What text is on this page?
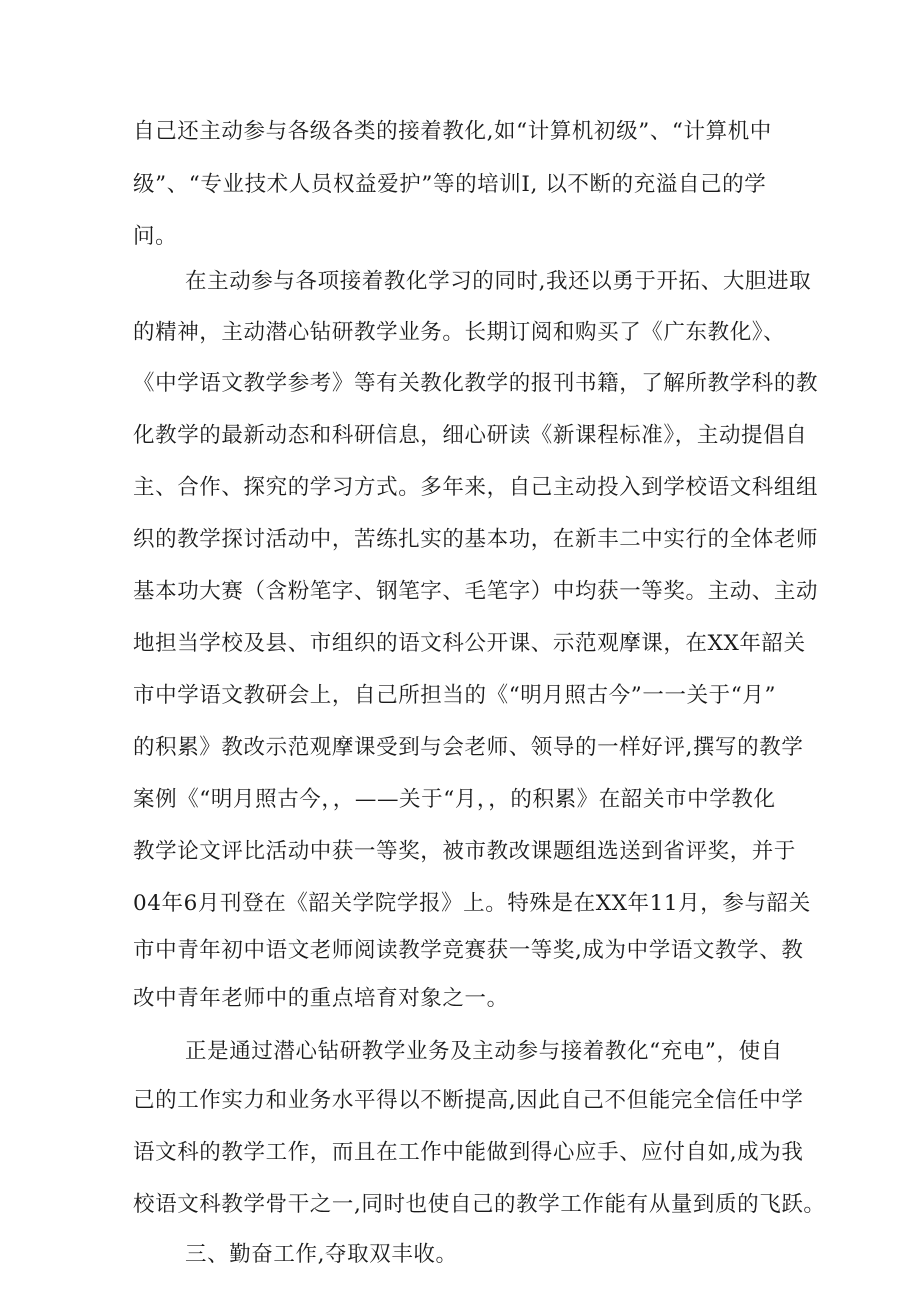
自己还主动参与各级各类的接着教化,如“计算机初级”、“计算机中
级”、“专业技术人员权益爱护”等的培训I, 以不断的充溢自己的学
问。
在主动参与各项接着教化学习的同时,我还以勇于开拓、大胆进取
的精神，主动潜心钻研教学业务。长期订阅和购买了《广东教化》、
《中学语文教学参考》等有关教化教学的报刊书籍，了解所教学科的教
化教学的最新动态和科研信息，细心研读《新课程标准》，主动提倡自
主、合作、探究的学习方式。多年来，自己主动投入到学校语文科组组
织的教学探讨活动中，苦练扎实的基本功，在新丰二中实行的全体老师
基本功大赛（含粉笔字、钢笔字、毛笔字）中均获一等奖。主动、主动
地担当学校及县、市组织的语文科公开课、示范观摩课，在XX年韶关
市中学语文教研会上，自己所担当的《“明月照古今”一一关于“月”
的积累》教改示范观摩课受到与会老师、领导的一样好评,撰写的教学
案例《“明月照古今，，——关于“月，，的积累》在韶关市中学教化
教学论文评比活动中获一等奖，被市教改课题组选送到省评奖，并于
04年6月刊登在《韶关学院学报》上。特殊是在XX年11月，参与韶关
市中青年初中语文老师阅读教学竞赛获一等奖,成为中学语文教学、教
改中青年老师中的重点培育对象之一。
正是通过潜心钻研教学业务及主动参与接着教化“充电”，使自
己的工作实力和业务水平得以不断提高,因此自己不但能完全信任中学
语文科的教学工作，而且在工作中能做到得心应手、应付自如,成为我
校语文科教学骨干之一,同时也使自己的教学工作能有从量到质的飞跃。
三、勤奋工作,夺取双丰收。
